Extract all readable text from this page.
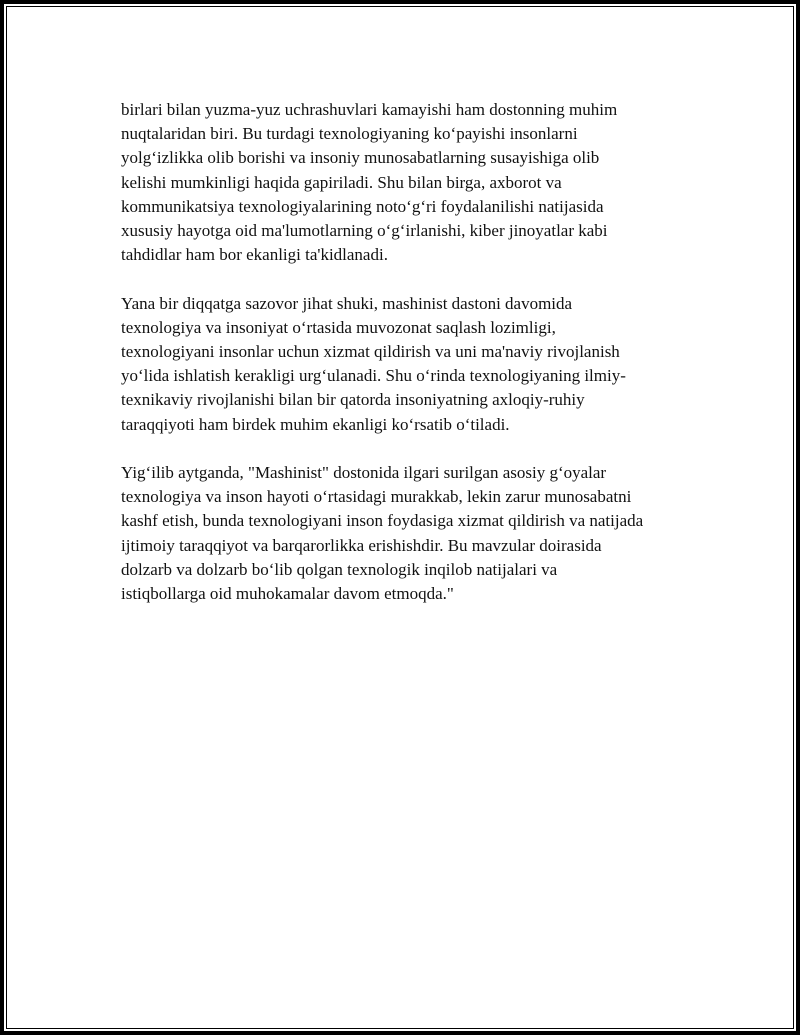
birlari bilan yuzma-yuz uchrashuvlari kamayishi ham dostonning muhim
nuqtalaridan biri. Bu turdagi texnologiyaning koʻpayishi insonlarni
yolgʻizlikka olib borishi va insoniy munosabatlarning susayishiga olib
kelishi mumkinligi haqida gapiriladi. Shu bilan birga, axborot va
kommunikatsiya texnologiyalarining notoʻgʻri foydalanilishi natijasida
xususiy hayotga oid ma'lumotlarning oʻgʻirlanishi, kiber jinoyatlar kabi
tahdidlar ham bor ekanligi ta'kidlanadi.

Yana bir diqqatga sazovor jihat shuki, mashinist dastoni davomida
texnologiya va insoniyat oʻrtasida muvozonat saqlash lozimligi,
texnologiyani insonlar uchun xizmat qildirish va uni ma'naviy rivojlanish
yoʻlida ishlatish kerakligi urgʻulanadi. Shu oʻrinda texnologiyaning ilmiy-
texnikaviy rivojlanishi bilan bir qatorda insoniyatning axloqiy-ruhiy
taraqqiyoti ham birdek muhim ekanligi koʻrsatib oʻtiladi.

Yigʻilib aytganda, "Mashinist" dostonida ilgari surilgan asosiy gʻoyalar
texnologiya va inson hayoti oʻrtasidagi murakkab, lekin zarur munosabatni
kashf etish, bunda texnologiyani inson foydasiga xizmat qildirish va natijada
ijtimoiy taraqqiyot va barqarorlikka erishishdir. Bu mavzular doirasida
dolzarb va dolzarb boʻlib qolgan texnologik inqilob natijalari va
istiqbollarga oid muhokamalar davom etmoqda."
